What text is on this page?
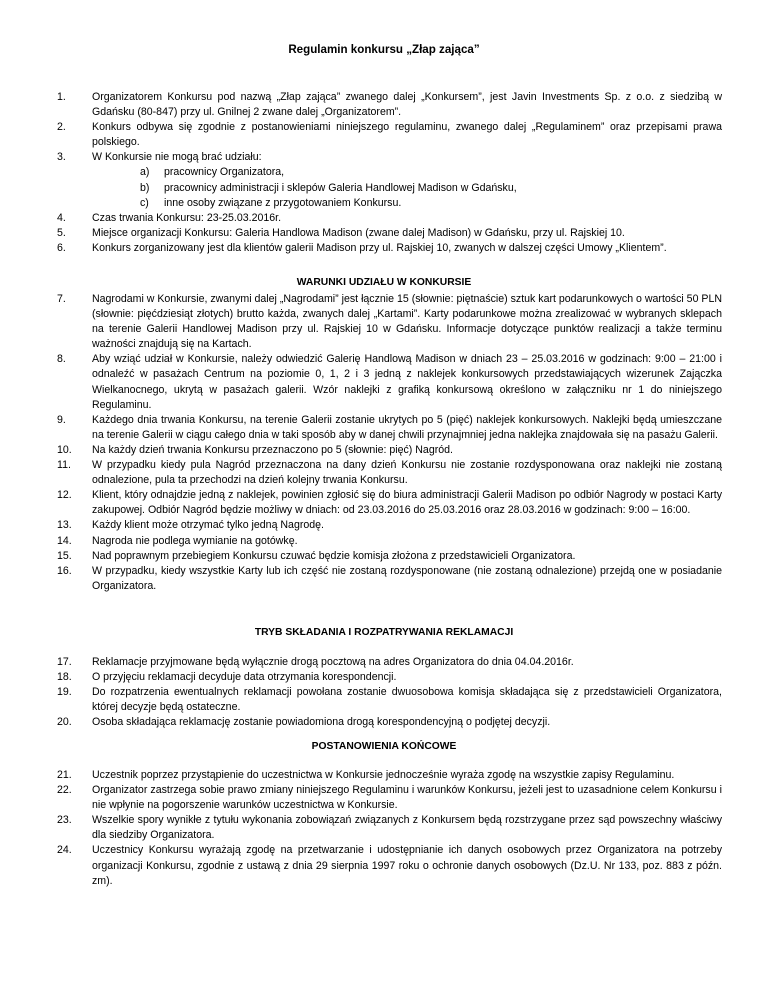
Regulamin konkursu „Złap zająca”
1.	Organizatorem Konkursu pod nazwą „Złap zająca” zwanego dalej „Konkursem”, jest Javin Investments Sp. z o.o. z siedzibą w Gdańsku (80-847) przy ul. Gnilnej 2 zwane dalej „Organizatorem”.
2.	Konkurs odbywa się zgodnie z postanowieniami niniejszego regulaminu, zwanego dalej „Regulaminem” oraz przepisami prawa polskiego.
3.	W Konkursie nie mogą brać udziału:
a)	pracownicy Organizatora,
b)	pracownicy administracji i sklepów Galeria Handlowej Madison w Gdańsku,
c)	inne osoby związane z przygotowaniem Konkursu.
4.	Czas trwania Konkursu: 23-25.03.2016r.
5.	Miejsce organizacji Konkursu: Galeria Handlowa Madison (zwane dalej Madison) w Gdańsku, przy ul. Rajskiej 10.
6.	Konkurs zorganizowany jest dla klientów galerii Madison przy ul. Rajskiej 10, zwanych w dalszej części Umowy „Klientem”.
WARUNKI UDZIAŁU W KONKURSIE
7.	Nagrodami w Konkursie, zwanymi dalej „Nagrodami” jest łącznie 15 (słownie: piętnaście) sztuk kart podarunkowych o wartości 50 PLN (słownie: pięćdziesiąt złotych) brutto każda, zwanych dalej „Kartami”. Karty podarunkowe można zrealizować w wybranych sklepach na terenie Galerii Handlowej Madison przy ul. Rajskiej 10 w Gdańsku. Informacje dotyczące punktów realizacji a także terminu ważności znajdują się na Kartach.
8.	Aby wziąć udział w Konkursie, należy odwiedzić Galerię Handlową Madison w dniach 23 – 25.03.2016 w godzinach: 9:00 – 21:00 i odnaleźć w pasażach Centrum na poziomie 0, 1, 2 i 3 jedną z naklejek konkursowych przedstawiających wizerunek Zajączka Wielkanocnego, ukrytą w pasażach galerii. Wzór naklejki z grafiką konkursową określono w załączniku nr 1 do niniejszego Regulaminu.
9.	Każdego dnia trwania Konkursu, na terenie Galerii zostanie ukrytych po 5 (pięć) naklejek konkursowych. Naklejki będą umieszczane na terenie Galerii w ciągu całego dnia w taki sposób aby w danej chwili przynajmniej jedna naklejka znajdowała się na pasażu Galerii.
10.	Na każdy dzień trwania Konkursu przeznaczono po 5 (słownie: pięć) Nagród.
11.	W przypadku kiedy pula Nagród przeznaczona na dany dzień Konkursu nie zostanie rozdysponowana oraz naklejki nie zostaną odnalezione, pula ta przechodzi na dzień kolejny trwania Konkursu.
12.	Klient, który odnajdzie jedną z naklejek, powinien zgłosić się do biura administracji Galerii Madison po odbiór Nagrody w postaci Karty zakupowej. Odbiór Nagród będzie możliwy w dniach: od 23.03.2016 do 25.03.2016 oraz 28.03.2016 w godzinach: 9:00 – 16:00.
13.	Każdy klient może otrzymać tylko jedną Nagrodę.
14.	Nagroda nie podlega wymianie na gotówkę.
15.	Nad poprawnym przebiegiem Konkursu czuwać będzie komisja złożona z przedstawicieli Organizatora.
16.	W przypadku, kiedy wszystkie Karty lub ich część nie zostaną rozdysponowane (nie zostaną odnalezione) przejdą one w posiadanie Organizatora.
TRYB SKŁADANIA I ROZPATRYWANIA REKLAMACJI
17.	Reklamacje przyjmowane będą wyłącznie drogą pocztową na adres Organizatora do dnia 04.04.2016r.
18.	O przyjęciu reklamacji decyduje data otrzymania korespondencji.
19.	Do rozpatrzenia ewentualnych reklamacji powołana zostanie dwuosobowa komisja składająca się z przedstawicieli Organizatora, której decyzje będą ostateczne.
20.	Osoba składająca reklamację zostanie powiadomiona drogą korespondencyjną o podjętej decyzji.
POSTANOWIENIA KOŃCOWE
21.	Uczestnik poprzez przystąpienie do uczestnictwa w Konkursie jednocześnie wyraża zgodę na wszystkie zapisy Regulaminu.
22.	Organizator zastrzega sobie prawo zmiany niniejszego Regulaminu i warunków Konkursu, jeżeli jest to uzasadnione celem Konkursu i nie wpłynie na pogorszenie warunków uczestnictwa w Konkursie.
23.	Wszelkie spory wynikłe z tytułu wykonania zobowiązań związanych z Konkursem będą rozstrzygane przez sąd powszechny właściwy dla siedziby Organizatora.
24.	Uczestnicy Konkursu wyrażają zgodę na przetwarzanie i udostępnianie ich danych osobowych przez Organizatora na potrzeby organizacji Konkursu, zgodnie z ustawą z dnia 29 sierpnia 1997 roku o ochronie danych osobowych (Dz.U. Nr 133, poz. 883 z późn. zm).
